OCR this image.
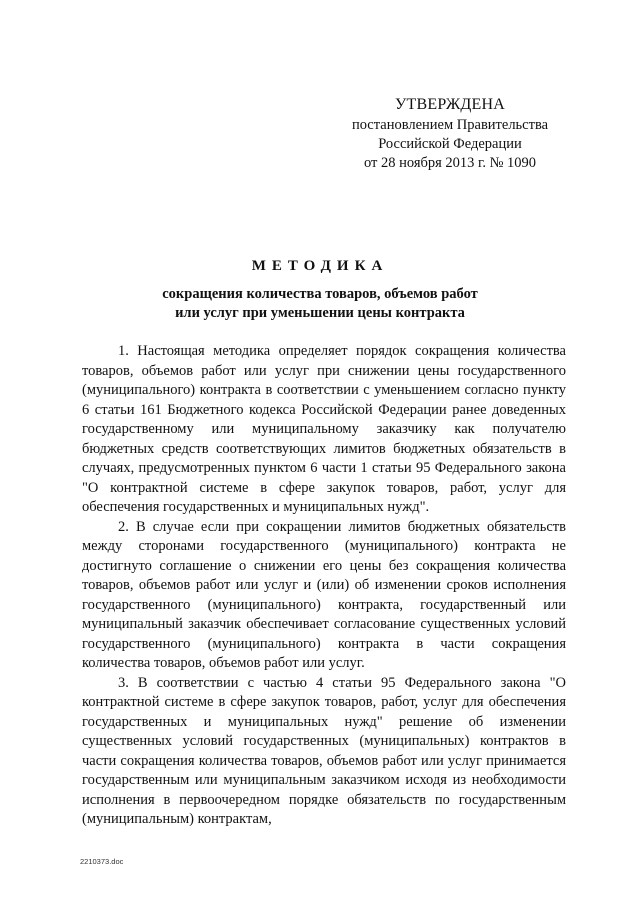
УТВЕРЖДЕНА
постановлением Правительства
Российской Федерации
от 28 ноября 2013 г. № 1090
МЕТОДИКА
сокращения количества товаров, объемов работ
или услуг при уменьшении цены контракта

1. Настоящая методика определяет порядок сокращения количества товаров, объемов работ или услуг при снижении цены государственного (муниципального) контракта в соответствии с уменьшением согласно пункту 6 статьи 161 Бюджетного кодекса Российской Федерации ранее доведенных государственному или муниципальному заказчику как получателю бюджетных средств соответствующих лимитов бюджетных обязательств в случаях, предусмотренных пунктом 6 части 1 статьи 95 Федерального закона "О контрактной системе в сфере закупок товаров, работ, услуг для обеспечения государственных и муниципальных нужд".

2. В случае если при сокращении лимитов бюджетных обязательств между сторонами государственного (муниципального) контракта не достигнуто соглашение о снижении его цены без сокращения количества товаров, объемов работ или услуг и (или) об изменении сроков исполнения государственного (муниципального) контракта, государственный или муниципальный заказчик обеспечивает согласование существенных условий государственного (муниципального) контракта в части сокращения количества товаров, объемов работ или услуг.

3. В соответствии с частью 4 статьи 95 Федерального закона "О контрактной системе в сфере закупок товаров, работ, услуг для обеспечения государственных и муниципальных нужд" решение об изменении существенных условий государственных (муниципальных) контрактов в части сокращения количества товаров, объемов работ или услуг принимается государственным или муниципальным заказчиком исходя из необходимости исполнения в первоочередном порядке обязательств по государственным (муниципальным) контрактам,

2210373.doc
